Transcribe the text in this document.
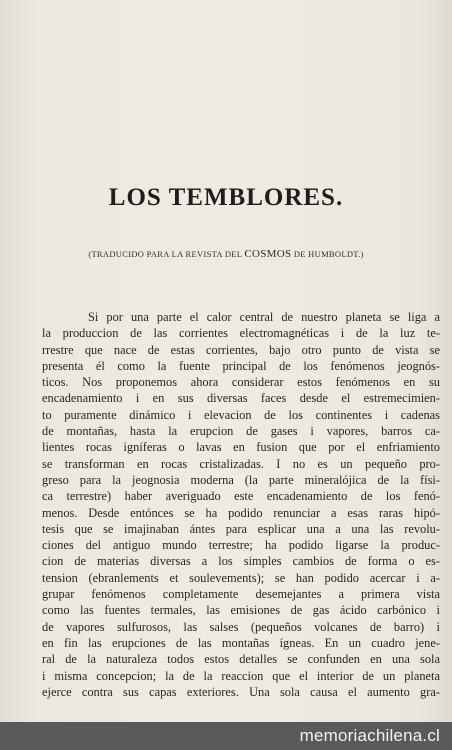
LOS TEMBLORES.
(TRADUCIDO PARA LA REVISTA DEL COSMOS DE HUMBOLDT.)
Si por una parte el calor central de nuestro planeta se liga a
la produccion de las corrientes electromagnéticas i de la luz te-
rrestre que nace de estas corrientes, bajo otro punto de vista se
presenta él como la fuente principal de los fenómenos jeognós-
ticos. Nos proponemos ahora considerar estos fenómenos en su
encadenamiento i en sus diversas faces desde el estremecimien-
to puramente dinámico i elevacion de los continentes i cadenas
de montañas, hasta la erupcion de gases i vapores, barros ca-
lientes rocas igníferas o lavas en fusion que por el enfriamiento
se transforman en rocas cristalizadas. I no es un pequeño pro-
greso para la jeognosia moderna (la parte mineralójica de la físi-
ca terrestre) haber averiguado este encadenamiento de los fenó-
menos. Desde entónces se ha podido renunciar a esas raras hipó-
tesis que se imajinaban ántes para esplicar una a una las revolu-
ciones del antiguo mundo terrestre; ha podido ligarse la produc-
cion de materias diversas a los simples cambios de forma o es-
tension (ebranlements et soulevements); se han podido acercar i a-
grupar fenómenos completamente desemejantes a primera vista
como las fuentes termales, las emisiones de gas ácido carbónico i
de vapores sulfurosos, las salses (pequeños volcanes de barro) i
en fin las erupciones de las montañas ígneas. En un cuadro jene-
ral de la naturaleza todos estos detalles se confunden en una sola
i misma concepcion; la de la reaccion que el interior de un planeta
ejerce contra sus capas exteriores. Una sola causa el aumento gra-
memoriachilena.cl
